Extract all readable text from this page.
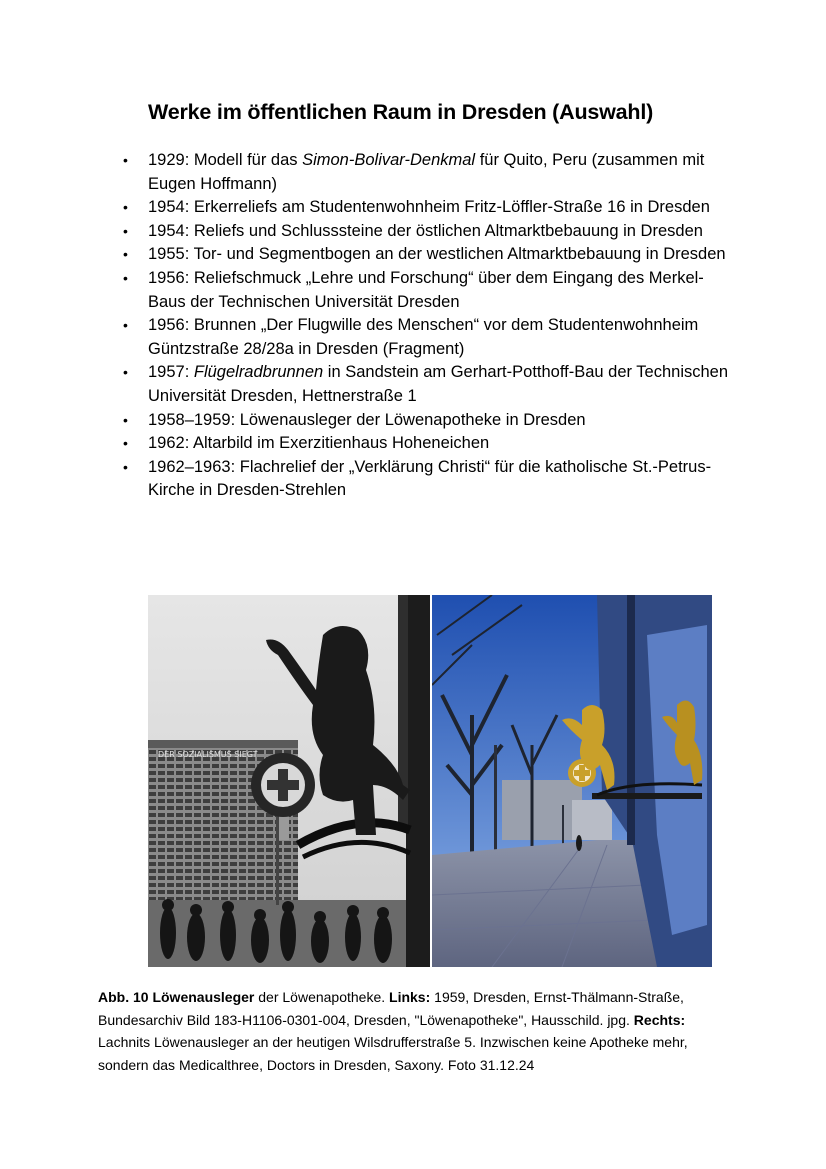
Werke im öffentlichen Raum in Dresden (Auswahl)
• 1929: Modell für das Simon-Bolivar-Denkmal für Quito, Peru (zusammen mit Eugen Hoffmann)
• 1954: Erkerreliefs am Studentenwohnheim Fritz-Löffler-Straße 16 in Dresden
• 1954: Reliefs und Schlusssteine der östlichen Altmarktbebauung in Dresden
• 1955: Tor- und Segmentbogen an der westlichen Altmarktbebauung in Dresden
• 1956: Reliefschmuck „Lehre und Forschung“ über dem Eingang des Merkel-Baus der Technischen Universität Dresden
• 1956: Brunnen „Der Flugwille des Menschen“ vor dem Studentenwohnheim Güntzstraße 28/28a in Dresden (Fragment)
• 1957: Flügelradbrunnen in Sandstein am Gerhart-Potthoff-Bau der Technischen Universität Dresden, Hettnerstraße 1
• 1958–1959: Löwenausleger der Löwenapotheke in Dresden
• 1962: Altarbild im Exerzitienhaus Hoheneichen
• 1962–1963: Flachrelief der „Verklärung Christi“ für die katholische St.-Petrus-Kirche in Dresden-Strehlen
DER SOZIALISMUS SIEGT

Abb. 10 Löwenausleger der Löwenapotheke. Links: 1959, Dresden, Ernst-Thälmann-Straße, Bundesarchiv Bild 183-H1106-0301-004, Dresden, "Löwenapotheke", Hausschild. jpg. Rechts: Lachnits Löwenausleger an der heutigen Wilsdrufferstraße 5. Inzwischen keine Apotheke mehr, sondern das Medicalthree, Doctors in Dresden, Saxony. Foto 31.12.24
